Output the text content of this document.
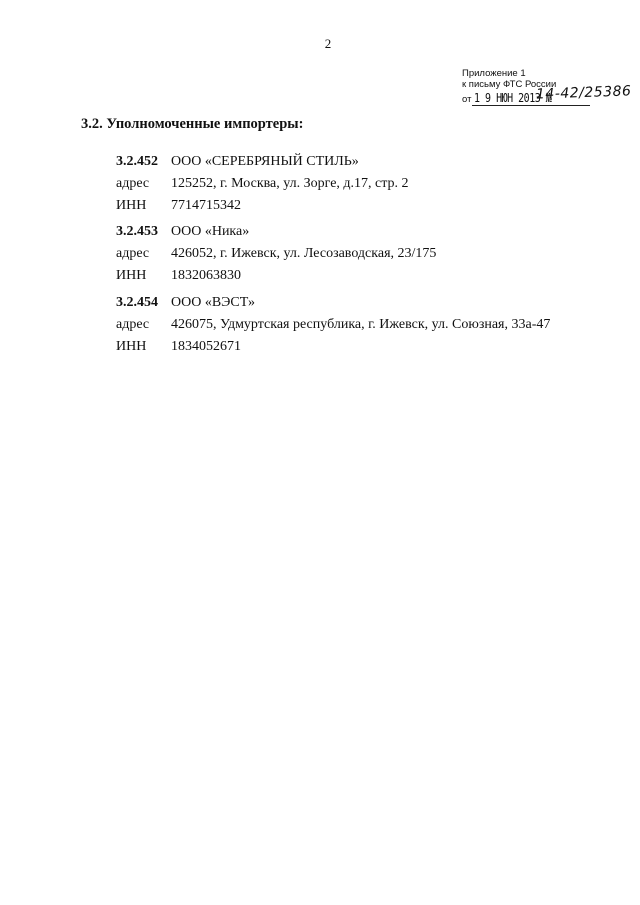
2
Приложение 1
к письму ФТС России
от 1 9 НЮН 2013 №
14-42/25386
3.2. Уполномоченные импортеры:
3.2.452 ООО «СЕРЕБРЯНЫЙ СТИЛЬ»
адрес	125252, г. Москва, ул. Зорге, д.17, стр. 2
ИНН	7714715342
3.2.453 ООО «Ника»
адрес	426052, г. Ижевск, ул. Лесозаводская, 23/175
ИНН	1832063830
3.2.454 ООО «ВЭСТ»
адрес	426075, Удмуртская республика, г. Ижевск, ул. Союзная, 33а-47
ИНН	1834052671
